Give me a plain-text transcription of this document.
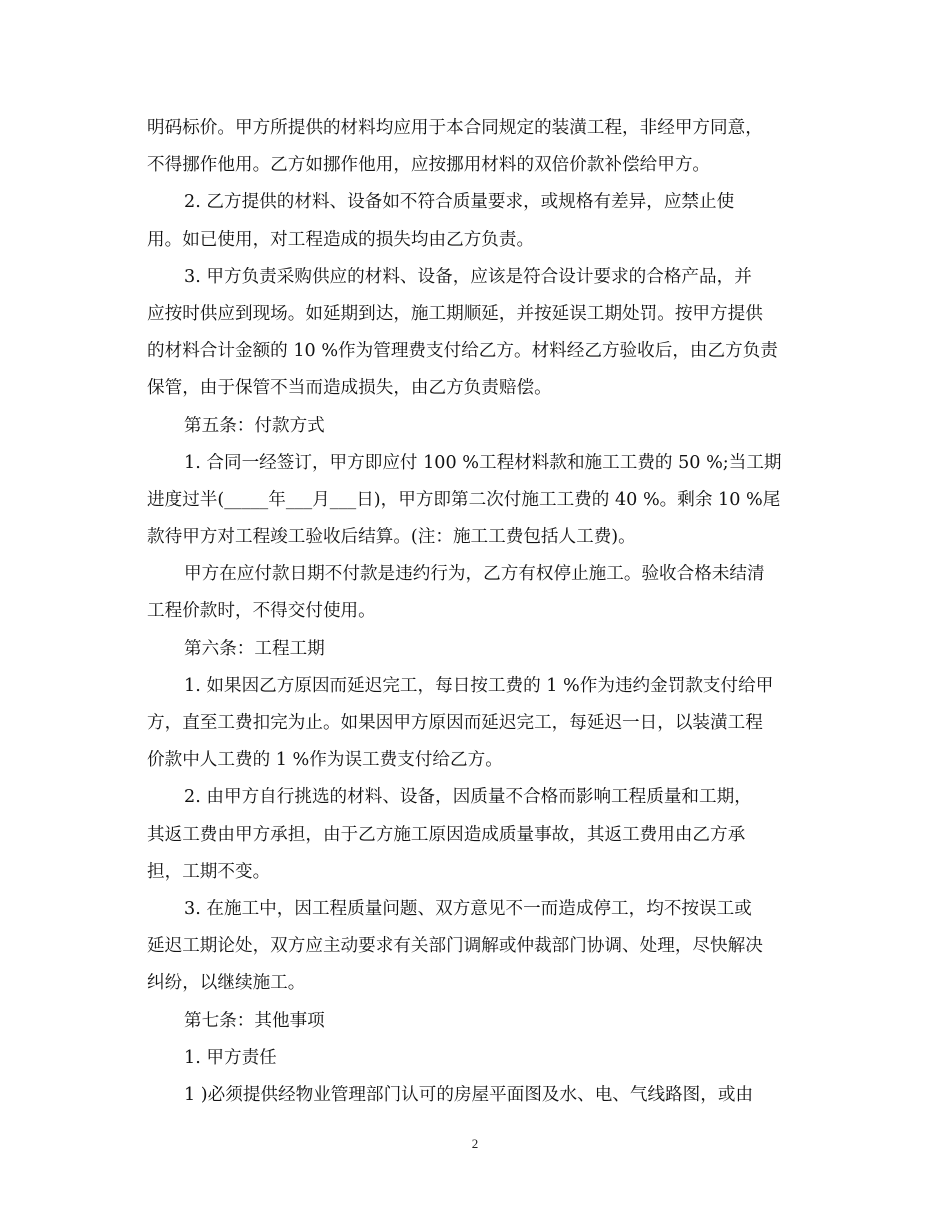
明码标价。甲方所提供的材料均应用于本合同规定的装潢工程，非经甲方同意，
不得挪作他用。乙方如挪作他用，应按挪用材料的双倍价款补偿给甲方。

2. 乙方提供的材料、设备如不符合质量要求，或规格有差异，应禁止使
用。如已使用，对工程造成的损失均由乙方负责。

3. 甲方负责采购供应的材料、设备，应该是符合设计要求的合格产品，并
应按时供应到现场。如延期到达，施工期顺延，并按延误工期处罚。按甲方提供
的材料合计金额的 10 %作为管理费支付给乙方。材料经乙方验收后，由乙方负责
保管，由于保管不当而造成损失，由乙方负责赔偿。

第五条：付款方式

1. 合同一经签订，甲方即应付 100 %工程材料款和施工工费的 50 %;当工期
进度过半(_____年___月___日)，甲方即第二次付施工工费的 40 %。剩余 10 %尾
款待甲方对工程竣工验收后结算。(注：施工工费包括人工费)。

甲方在应付款日期不付款是违约行为，乙方有权停止施工。验收合格未结清
工程价款时，不得交付使用。

第六条：工程工期

1. 如果因乙方原因而延迟完工，每日按工费的 1 %作为违约金罚款支付给甲
方，直至工费扣完为止。如果因甲方原因而延迟完工，每延迟一日，以装潢工程
价款中人工费的 1 %作为误工费支付给乙方。

2. 由甲方自行挑选的材料、设备，因质量不合格而影响工程质量和工期，
其返工费由甲方承担，由于乙方施工原因造成质量事故，其返工费用由乙方承
担，工期不变。

3. 在施工中，因工程质量问题、双方意见不一而造成停工，均不按误工或
延迟工期论处，双方应主动要求有关部门调解或仲裁部门协调、处理，尽快解决
纠纷，以继续施工。

第七条：其他事项

1. 甲方责任

1 )必须提供经物业管理部门认可的房屋平面图及水、电、气线路图，或由

2
